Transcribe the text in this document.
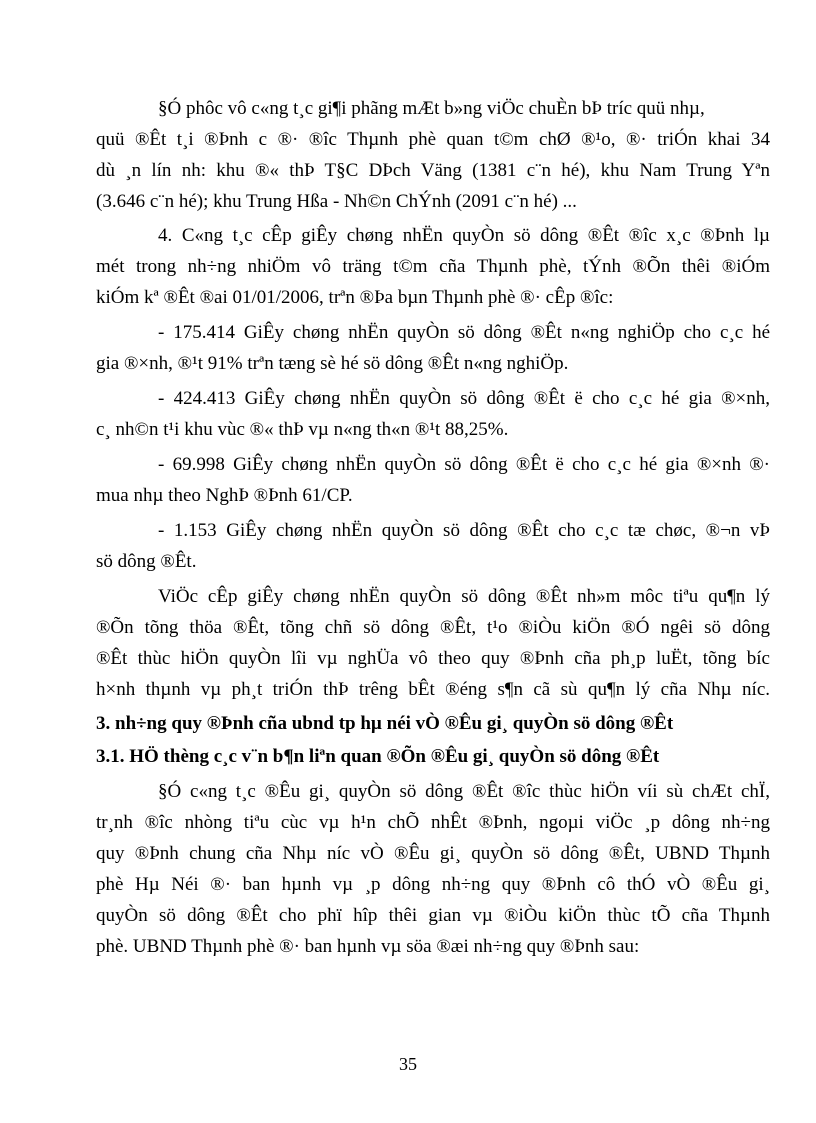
§Ó phôc vô c«ng t¸c gi¶i phãng mÆt b»ng viÖc chuÈn bÞ tríc quü nhµ,
quü ®Êt t¸i ®Þnh c ®· ®îc Thµnh phè quan t©m chØ ®¹o, ®· triÓn khai 34
dù ¸n lín nh: khu ®« thÞ T§C DÞch Väng (1381 c¨n hé), khu Nam Trung Yªn
(3.646 c¨n hé); khu Trung Hßa - Nh©n ChÝnh (2091 c¨n hé) ...
4. C«ng t¸c cÊp giÊy chøng nhËn quyÒn sö dông ®Êt ®îc x¸c ®Þnh lµ
mét trong nh÷ng nhiÖm vô träng t©m cña Thµnh phè, tÝnh ®Õn thêi ®iÓm
kiÓm kª ®Êt ®ai 01/01/2006, trªn ®Þa bµn Thµnh phè ®· cÊp ®îc:
- 175.414 GiÊy chøng nhËn quyÒn sö dông ®Êt n«ng nghiÖp cho c¸c hé
gia ®×nh, ®¹t 91% trªn tæng sè hé sö dông ®Êt n«ng nghiÖp.
- 424.413 GiÊy chøng nhËn quyÒn sö dông ®Êt ë cho c¸c hé gia ®×nh,
c¸ nh©n t¹i khu vùc ®« thÞ vµ n«ng th«n ®¹t 88,25%.
- 69.998 GiÊy chøng nhËn quyÒn sö dông ®Êt ë cho c¸c hé gia ®×nh ®·
mua nhµ theo NghÞ ®Þnh 61/CP.
- 1.153 GiÊy chøng nhËn quyÒn sö dông ®Êt cho c¸c tæ chøc, ®¬n vÞ
sö dông ®Êt.
ViÖc cÊp giÊy chøng nhËn quyÒn sö dông ®Êt nh»m môc tiªu qu¶n lý
®Õn tõng thöa ®Êt, tõng chñ sö dông ®Êt, t¹o ®iÒu kiÖn ®Ó ngêi sö dông
®Êt thùc hiÖn quyÒn lîi vµ nghÜa vô theo quy ®Þnh cña ph¸p luËt, tõng bíc
h×nh thµnh vµ ph¸t triÓn thÞ trêng bÊt ®éng s¶n cã sù qu¶n lý cña Nhµ níc.
3. nh÷ng quy ®Þnh cña ubnd tp hµ néi vÒ ®Êu gi¸ quyÒn sö dông ®Êt
3.1. HÖ thèng c¸c v¨n b¶n liªn quan ®Õn ®Êu gi¸ quyÒn sö dông ®Êt
§Ó c«ng t¸c ®Êu gi¸ quyÒn sö dông ®Êt ®îc thùc hiÖn víi sù chÆt chÏ,
tr¸nh ®îc nhòng tiªu cùc vµ h¹n chÕ nhÊt ®Þnh, ngoµi viÖc ¸p dông nh÷ng
quy ®Þnh chung cña Nhµ níc vÒ ®Êu gi¸ quyÒn sö dông ®Êt, UBND Thµnh
phè Hµ Néi ®· ban hµnh vµ ¸p dông nh÷ng quy ®Þnh cô thÓ vÒ ®Êu gi¸
quyÒn sö dông ®Êt cho phï hîp thêi gian vµ ®iÒu kiÖn thùc tÕ cña Thµnh
phè. UBND Thµnh phè ®· ban hµnh vµ söa ®æi nh÷ng quy ®Þnh sau:
35
